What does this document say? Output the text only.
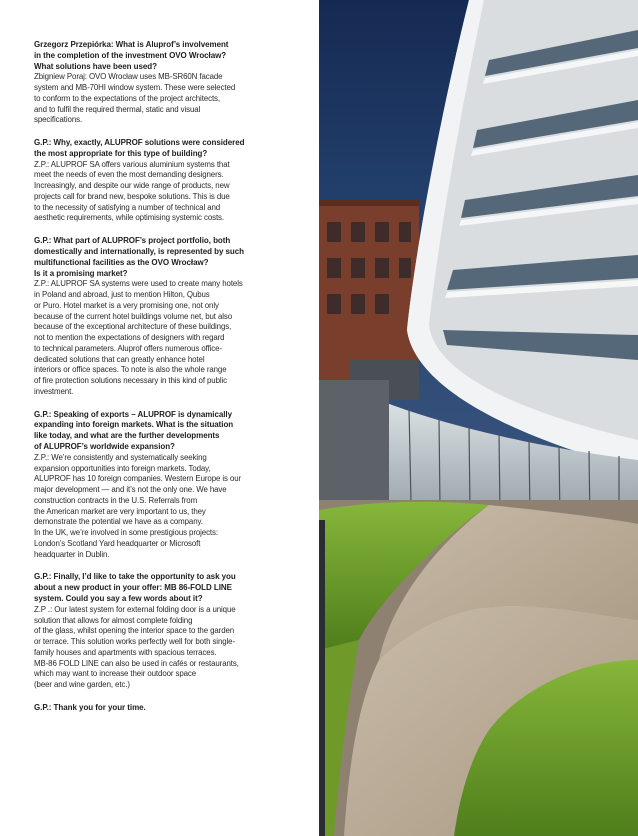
Grzegorz Przepiórka: What is Aluprof’s involvement
in the completion of the investment OVO Wrocław?
What solutions have been used?
Zbigniew Poraj: OVO Wrocław uses MB-SR60N facade
system and MB-70HI window system. These were selected
to conform to the expectations of the project architects,
and to fulfil the required thermal, static and visual
specifications.
G.P.: Why, exactly, ALUPROF solutions were considered
the most appropriate for this type of building?
Z.P.: ALUPROF SA offers various aluminium systems that
meet the needs of even the most demanding designers.
Increasingly, and despite our wide range of products, new
projects call for brand new, bespoke solutions. This is due
to the necessity of satisfying a number of technical and
aesthetic requirements, while optimising systemic costs.
G.P.: What part of ALUPROF’s project portfolio, both
domestically and internationally, is represented by such
multifunctional facilities as the OVO Wrocław?
Is it a promising market?
Z.P.: ALUPROF SA systems were used to create many hotels
in Poland and abroad, just to mention Hilton, Qubus
or Puro. Hotel market is a very promising one, not only
because of the current hotel buildings volume net, but also
because of the exceptional architecture of these buildings,
not to mention the expectations of designers with regard
to technical parameters. Aluprof offers numerous office-
dedicated solutions that can greatly enhance hotel
interiors or office spaces. To note is also the whole range
of fire protection solutions necessary in this kind of public
investment.
G.P.: Speaking of exports – ALUPROF is dynamically
expanding into foreign markets. What is the situation
like today, and what are the further developments
of ALUPROF’s worldwide expansion?
Z.P.: We’re consistently and systematically seeking
expansion opportunities into foreign markets. Today,
ALUPROF has 10 foreign companies. Western Europe is our
major development — and it’s not the only one. We have
construction contracts in the U.S. Referrals from
the American market are very important to us, they
demonstrate the potential we have as a company.
In the UK, we’re involved in some prestigious projects:
London’s Scotland Yard headquarter or Microsoft
headquarter in Dublin.
G.P.: Finally, I’d like to take the opportunity to ask you
about a new product in your offer: MB 86-FOLD LINE
system. Could you say a few words about it?
Z.P .: Our latest system for external folding door is a unique
solution that allows for almost complete folding
of the glass, whilst opening the interior space to the garden
or terrace. This solution works perfectly well for both single-
family houses and apartments with spacious terraces.
MB-86 FOLD LINE can also be used in cafés or restaurants,
which may want to increase their outdoor space
(beer and wine garden, etc.)
G.P.: Thank you for your time.
